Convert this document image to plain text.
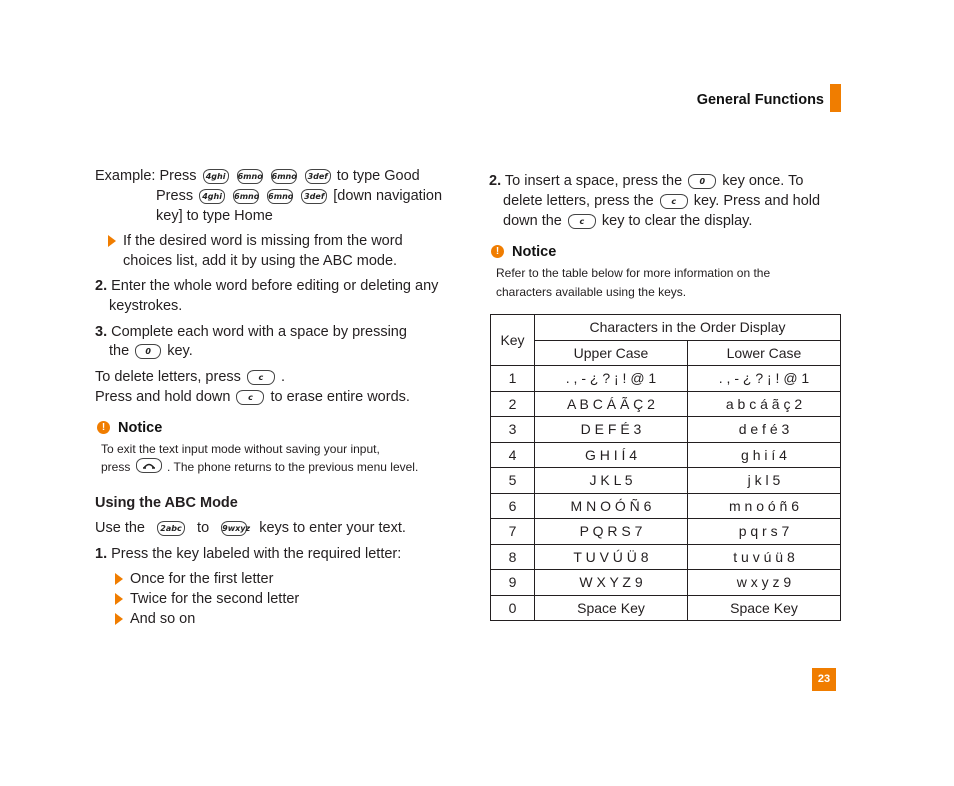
General Functions
Example: Press 4ghi 6mno 6mno 3def to type Good
Press 4ghi 6mno 6mno 3def [down navigation
key] to type Home
If the desired word is missing from the word
choices list, add it by using the ABC mode.
2. Enter the whole word before editing or deleting any
keystrokes.
3. Complete each word with a space by pressing
the 0 key.
To delete letters, press c .
Press and hold down c to erase entire words.
! Notice
To exit the text input mode without saving your input,
press	. The phone returns to the previous menu level.
Using the ABC Mode
Use the 2abc to 9wxyz keys to enter your text.
1. Press the key labeled with the required letter:
Once for the first letter
Twice for the second letter
And so on
2. To insert a space, press the 0 key once. To
delete letters, press the c key. Press and hold
down the c key to clear the display.
! Notice
Refer to the table below for more information on the
characters available using the keys.
Key	Characters in the Order Display	
	Upper Case	Lower Case
1	. , - ¿ ? ¡ ! @ 1	. , - ¿ ? ¡ ! @ 1
2	A B C Á Ã Ç 2	a b c á ã ç 2
3	D E F É 3	d e f é 3
4	G H I Í 4	g h i í 4
5	J K L 5	j k l 5
6	M N O Ó Ñ 6	m n o ó ñ 6
7	P Q R S 7	p q r s 7
8	T U V Ú Ü 8	t u v ú ü 8
9	W X Y Z 9	w x y z 9
0	Space Key	Space Key
23
